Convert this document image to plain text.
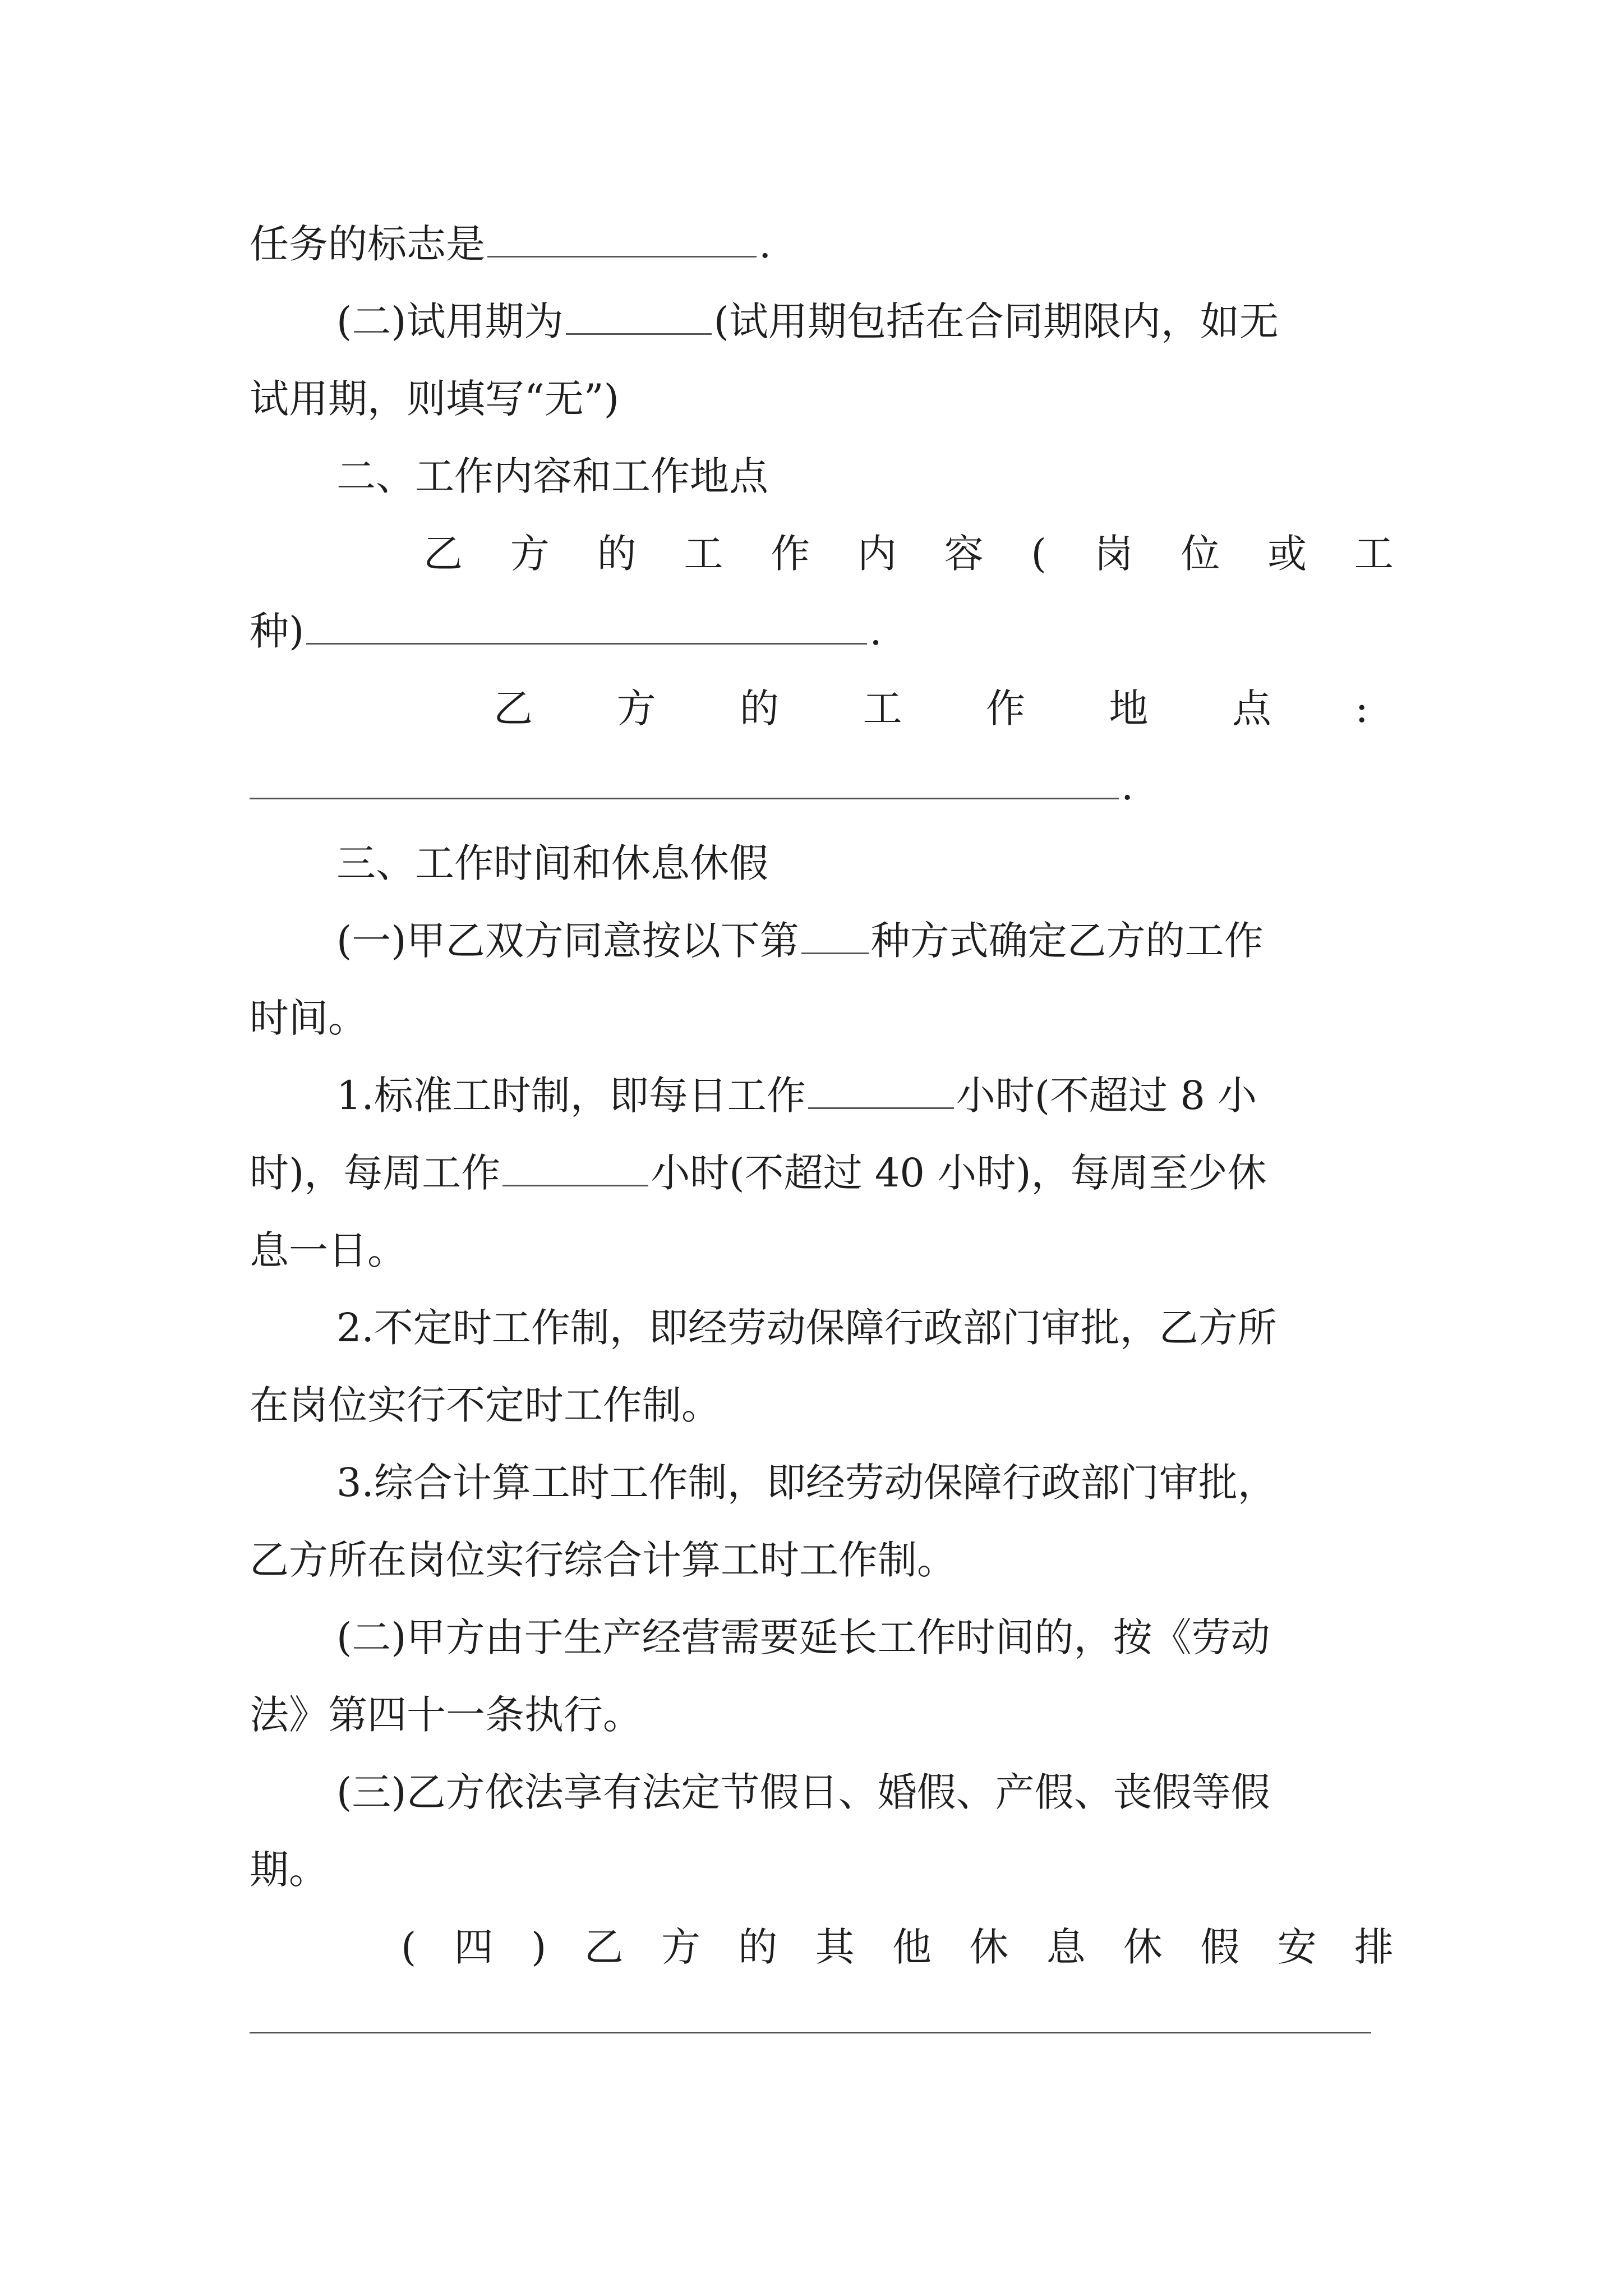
任务的标志是	.
(二)试用期为	(试用期包括在合同期限内，如无
试用期，则填写“无”)
二、工作内容和工作地点
乙 方 的 工 作 内 容 ( 岗 位 或 工
种)	.
乙 方 的 工 作 地 点 :
.
三、工作时间和休息休假
(一)甲乙双方同意按以下第 种方式确定乙方的工作
时间。
1.标准工时制，即每日工作	小时(不超过 8 小
时)，每周工作	小时(不超过 40 小时)，每周至少休
息一日。
2.不定时工作制，即经劳动保障行政部门审批，乙方所
在岗位实行不定时工作制。
3.综合计算工时工作制，即经劳动保障行政部门审批，
乙方所在岗位实行综合计算工时工作制。
(二)甲方由于生产经营需要延长工作时间的，按《劳动
法》第四十一条执行。
(三)乙方依法享有法定节假日、婚假、产假、丧假等假
期。
( 四 ) 乙 方 的 其 他 休 息 休 假 安 排
